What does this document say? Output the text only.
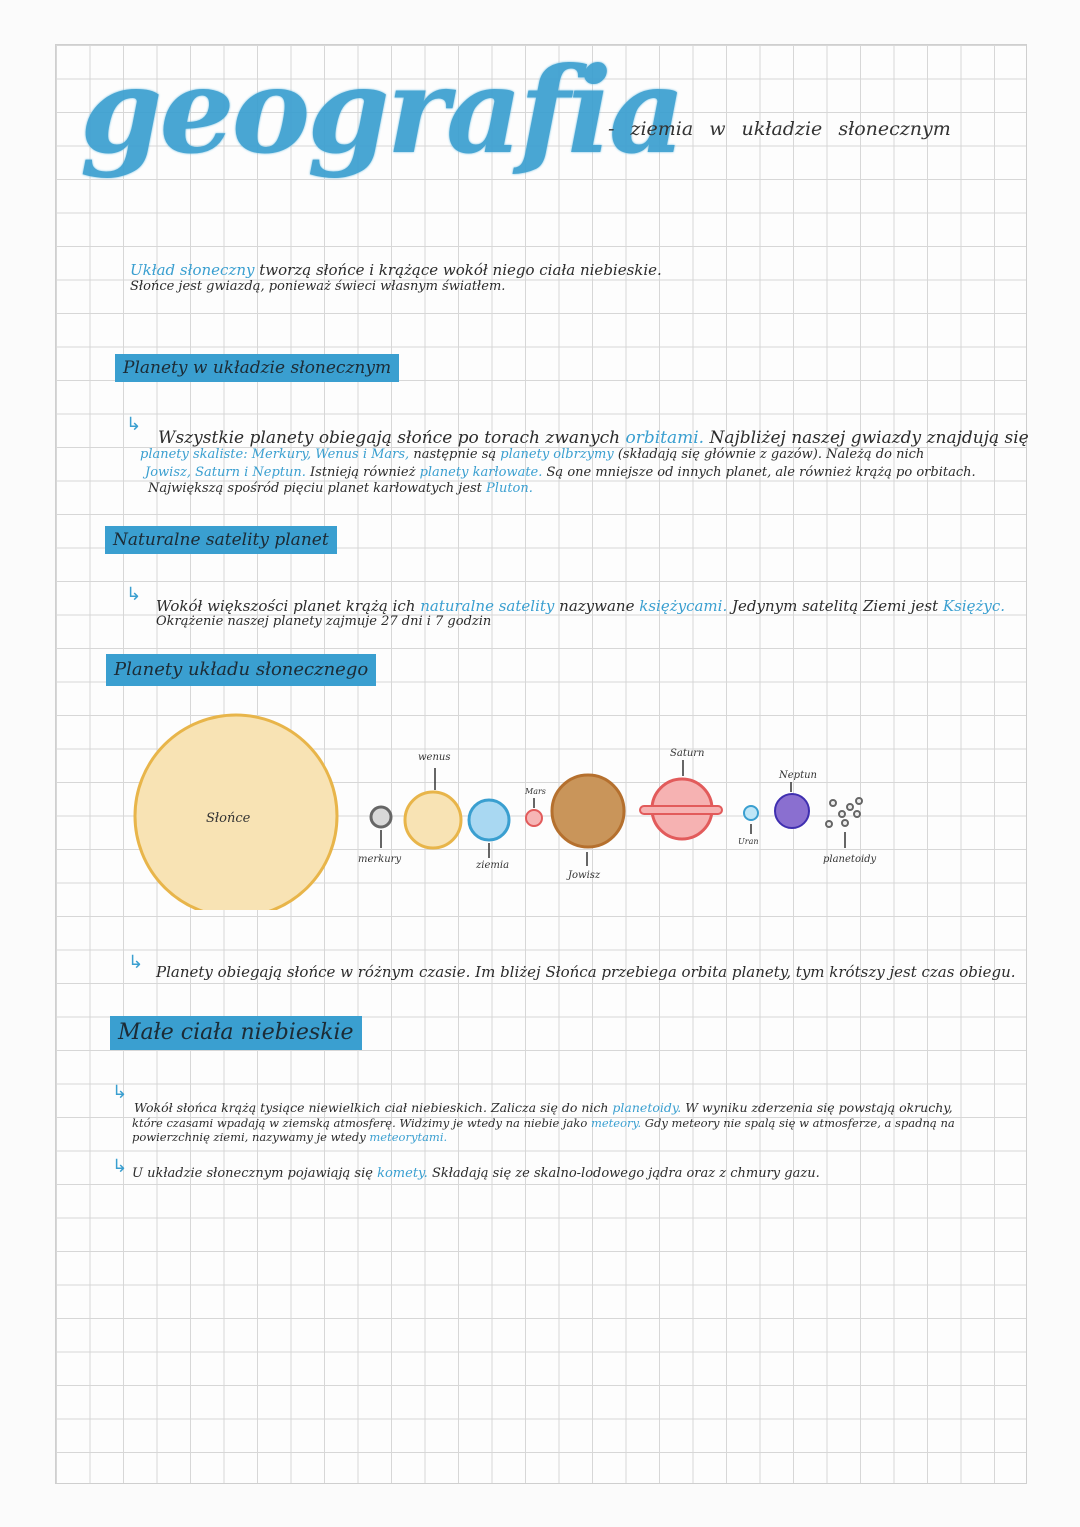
geografia
- ziemia w układzie słonecznym
Układ słoneczny tworzą słońce i krążące wokół niego ciała niebieskie.
Słońce jest gwiazdą, ponieważ świeci własnym światłem.
Planety w układzie słonecznym
↳
Wszystkie planety obiegają słońce po torach zwanych orbitami. Najbliżej naszej gwiazdy znajdują się
planety skaliste: Merkury, Wenus i Mars, następnie są planety olbrzymy (składają się głównie z gazów). Należą do nich
Jowisz, Saturn i Neptun. Istnieją również planety karłowate. Są one mniejsze od innych planet, ale również krążą po orbitach.
Największą spośród pięciu planet karłowatych jest Pluton.
Naturalne satelity planet
↳
Wokół większości planet krążą ich naturalne satelity nazywane księżycami. Jedynym satelitą Ziemi jest Księżyc.
Okrążenie naszej planety zajmuje 27 dni i 7 godzin
Planety układu słonecznego
Słońce
merkury
wenus
ziemia
Mars
Jowisz
Saturn
Uran
Neptun
planetoidy
↳ Planety obiegają słońce w różnym czasie. Im bliżej Słońca przebiega orbita planety, tym krótszy jest czas obiegu.
Małe ciała niebieskie
↳
Wokół słońca krążą tysiące niewielkich ciał niebieskich. Zalicza się do nich planetoidy. W wyniku zderzenia się powstają okruchy,
które czasami wpadają w ziemską atmosferę. Widzimy je wtedy na niebie jako meteory. Gdy meteory nie spalą się w atmosferze, a spadną na
powierzchnię ziemi, nazywamy je wtedy meteorytami.
↳ U układzie słonecznym pojawiają się komety. Składają się ze skalno-lodowego jądra oraz z chmury gazu.
